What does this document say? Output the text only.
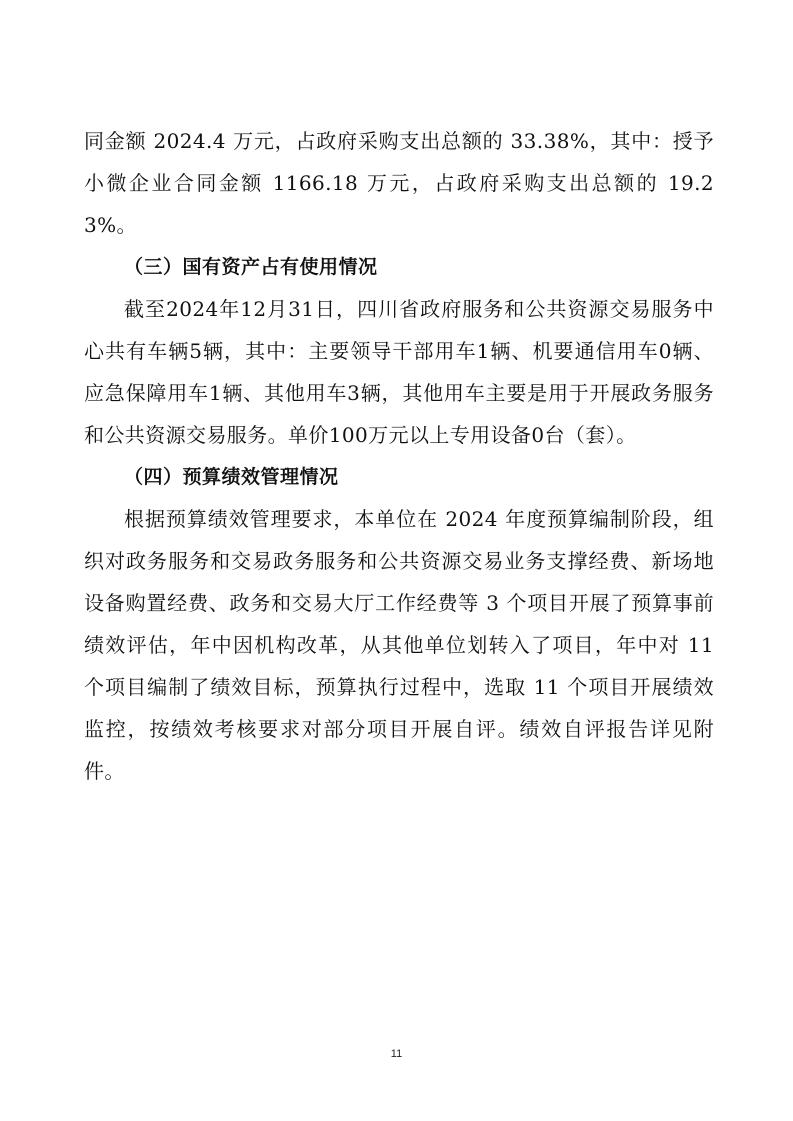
同金额 2024.4 万元，占政府采购支出总额的 33.38%，其中：授予小微企业合同金额 1166.18 万元，占政府采购支出总额的 19.23%。

（三）国有资产占有使用情况

截至2024年12月31日，四川省政府服务和公共资源交易服务中心共有车辆5辆，其中：主要领导干部用车1辆、机要通信用车0辆、应急保障用车1辆、其他用车3辆，其他用车主要是用于开展政务服务和公共资源交易服务。单价100万元以上专用设备0台（套）。

（四）预算绩效管理情况

根据预算绩效管理要求，本单位在 2024 年度预算编制阶段，组织对政务服务和交易政务服务和公共资源交易业务支撑经费、新场地设备购置经费、政务和交易大厅工作经费等 3 个项目开展了预算事前绩效评估，年中因机构改革，从其他单位划转入了项目，年中对 11 个项目编制了绩效目标，预算执行过程中，选取 11 个项目开展绩效监控，按绩效考核要求对部分项目开展自评。绩效自评报告详见附件。

11
